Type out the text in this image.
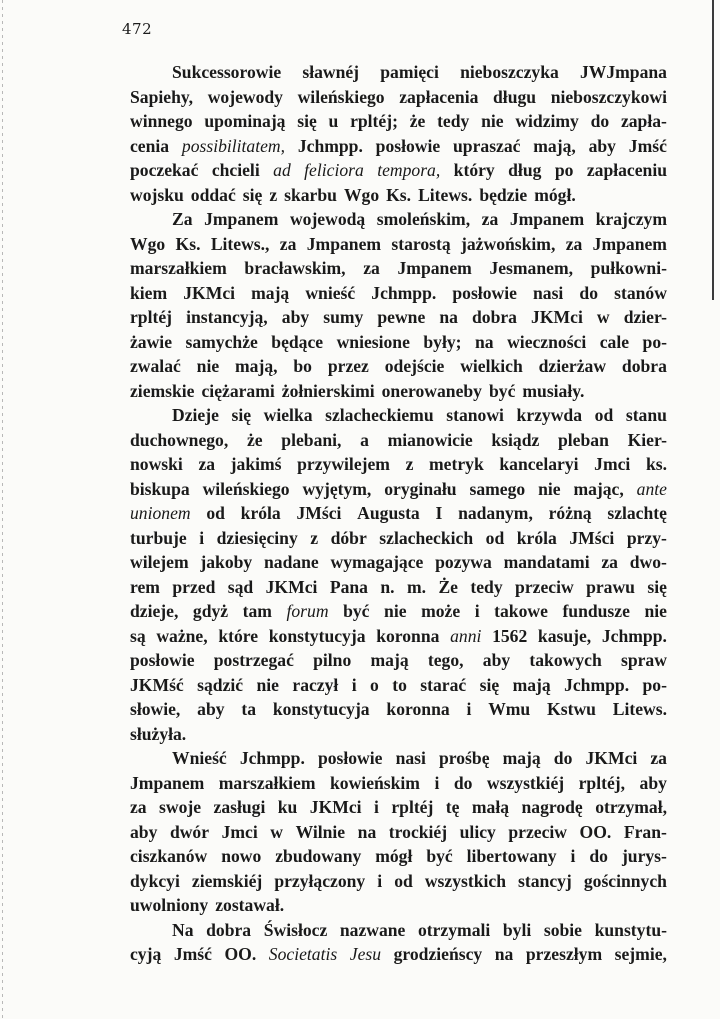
472
Sukcessorowie sławnéj pamięci nieboszczyka JWJmpana
Sapiehy, wojewody wileńskiego zapłacenia długu nieboszczykowi
winnego upominają się u rpltéj; że tedy nie widzimy do zapła-
cenia possibilitatem, Jchmpp. posłowie upraszać mają, aby Jmść
poczekać chcieli ad feliciora tempora, który dług po zapłaceniu
wojsku oddać się z skarbu Wgo Ks. Litews. będzie mógł.
Za Jmpanem wojewodą smoleńskim, za Jmpanem krajczym
Wgo Ks. Litews., za Jmpanem starostą jażwońskim, za Jmpanem
marszałkiem bracławskim, za Jmpanem Jesmanem, pułkowni-
kiem JKMci mają wnieść Jchmpp. posłowie nasi do stanów
rpltéj instancyją, aby sumy pewne na dobra JKMci w dzier-
żawie samychże będące wniesione były; na wieczności cale po-
zwalać nie mają, bo przez odejście wielkich dzierżaw dobra
ziemskie ciężarami żołnierskimi onerowaneby być musiały.
Dzieje się wielka szlacheckiemu stanowi krzywda od stanu
duchownego, że plebani, a mianowicie ksiądz pleban Kier-
nowski za jakimś przywilejem z metryk kancelaryi Jmci ks.
biskupa wileńskiego wyjętym, oryginału samego nie mając, ante
unionem od króla JMści Augusta I nadanym, różną szlachtę
turbuje i dziesięciny z dóbr szlacheckich od króla JMści przy-
wilejem jakoby nadane wymagające pozywa mandatami za dwo-
rem przed sąd JKMci Pana n. m. Że tedy przeciw prawu się
dzieje, gdyż tam forum być nie może i takowe fundusze nie
są ważne, które konstytucyja koronna anni 1562 kasuje, Jchmpp.
posłowie postrzegać pilno mają tego, aby takowych spraw
JKMść sądzić nie raczył i o to starać się mają Jchmpp. po-
słowie, aby ta konstytucyja koronna i Wmu Kstwu Litews.
służyła.
Wnieść Jchmpp. posłowie nasi prośbę mają do JKMci za
Jmpanem marszałkiem kowieńskim i do wszystkiéj rpltéj, aby
za swoje zasługi ku JKMci i rpltéj tę małą nagrodę otrzymał,
aby dwór Jmci w Wilnie na trockiéj ulicy przeciw OO. Fran-
ciszkanów nowo zbudowany mógł być libertowany i do jurys-
dykcyi ziemskiéj przyłączony i od wszystkich stancyj gościnnych
uwolniony zostawał.
Na dobra Świsłocz nazwane otrzymali byli sobie kunstytu-
cyją Jmść OO. Societatis Jesu grodzieńscy na przeszłym sejmie,
